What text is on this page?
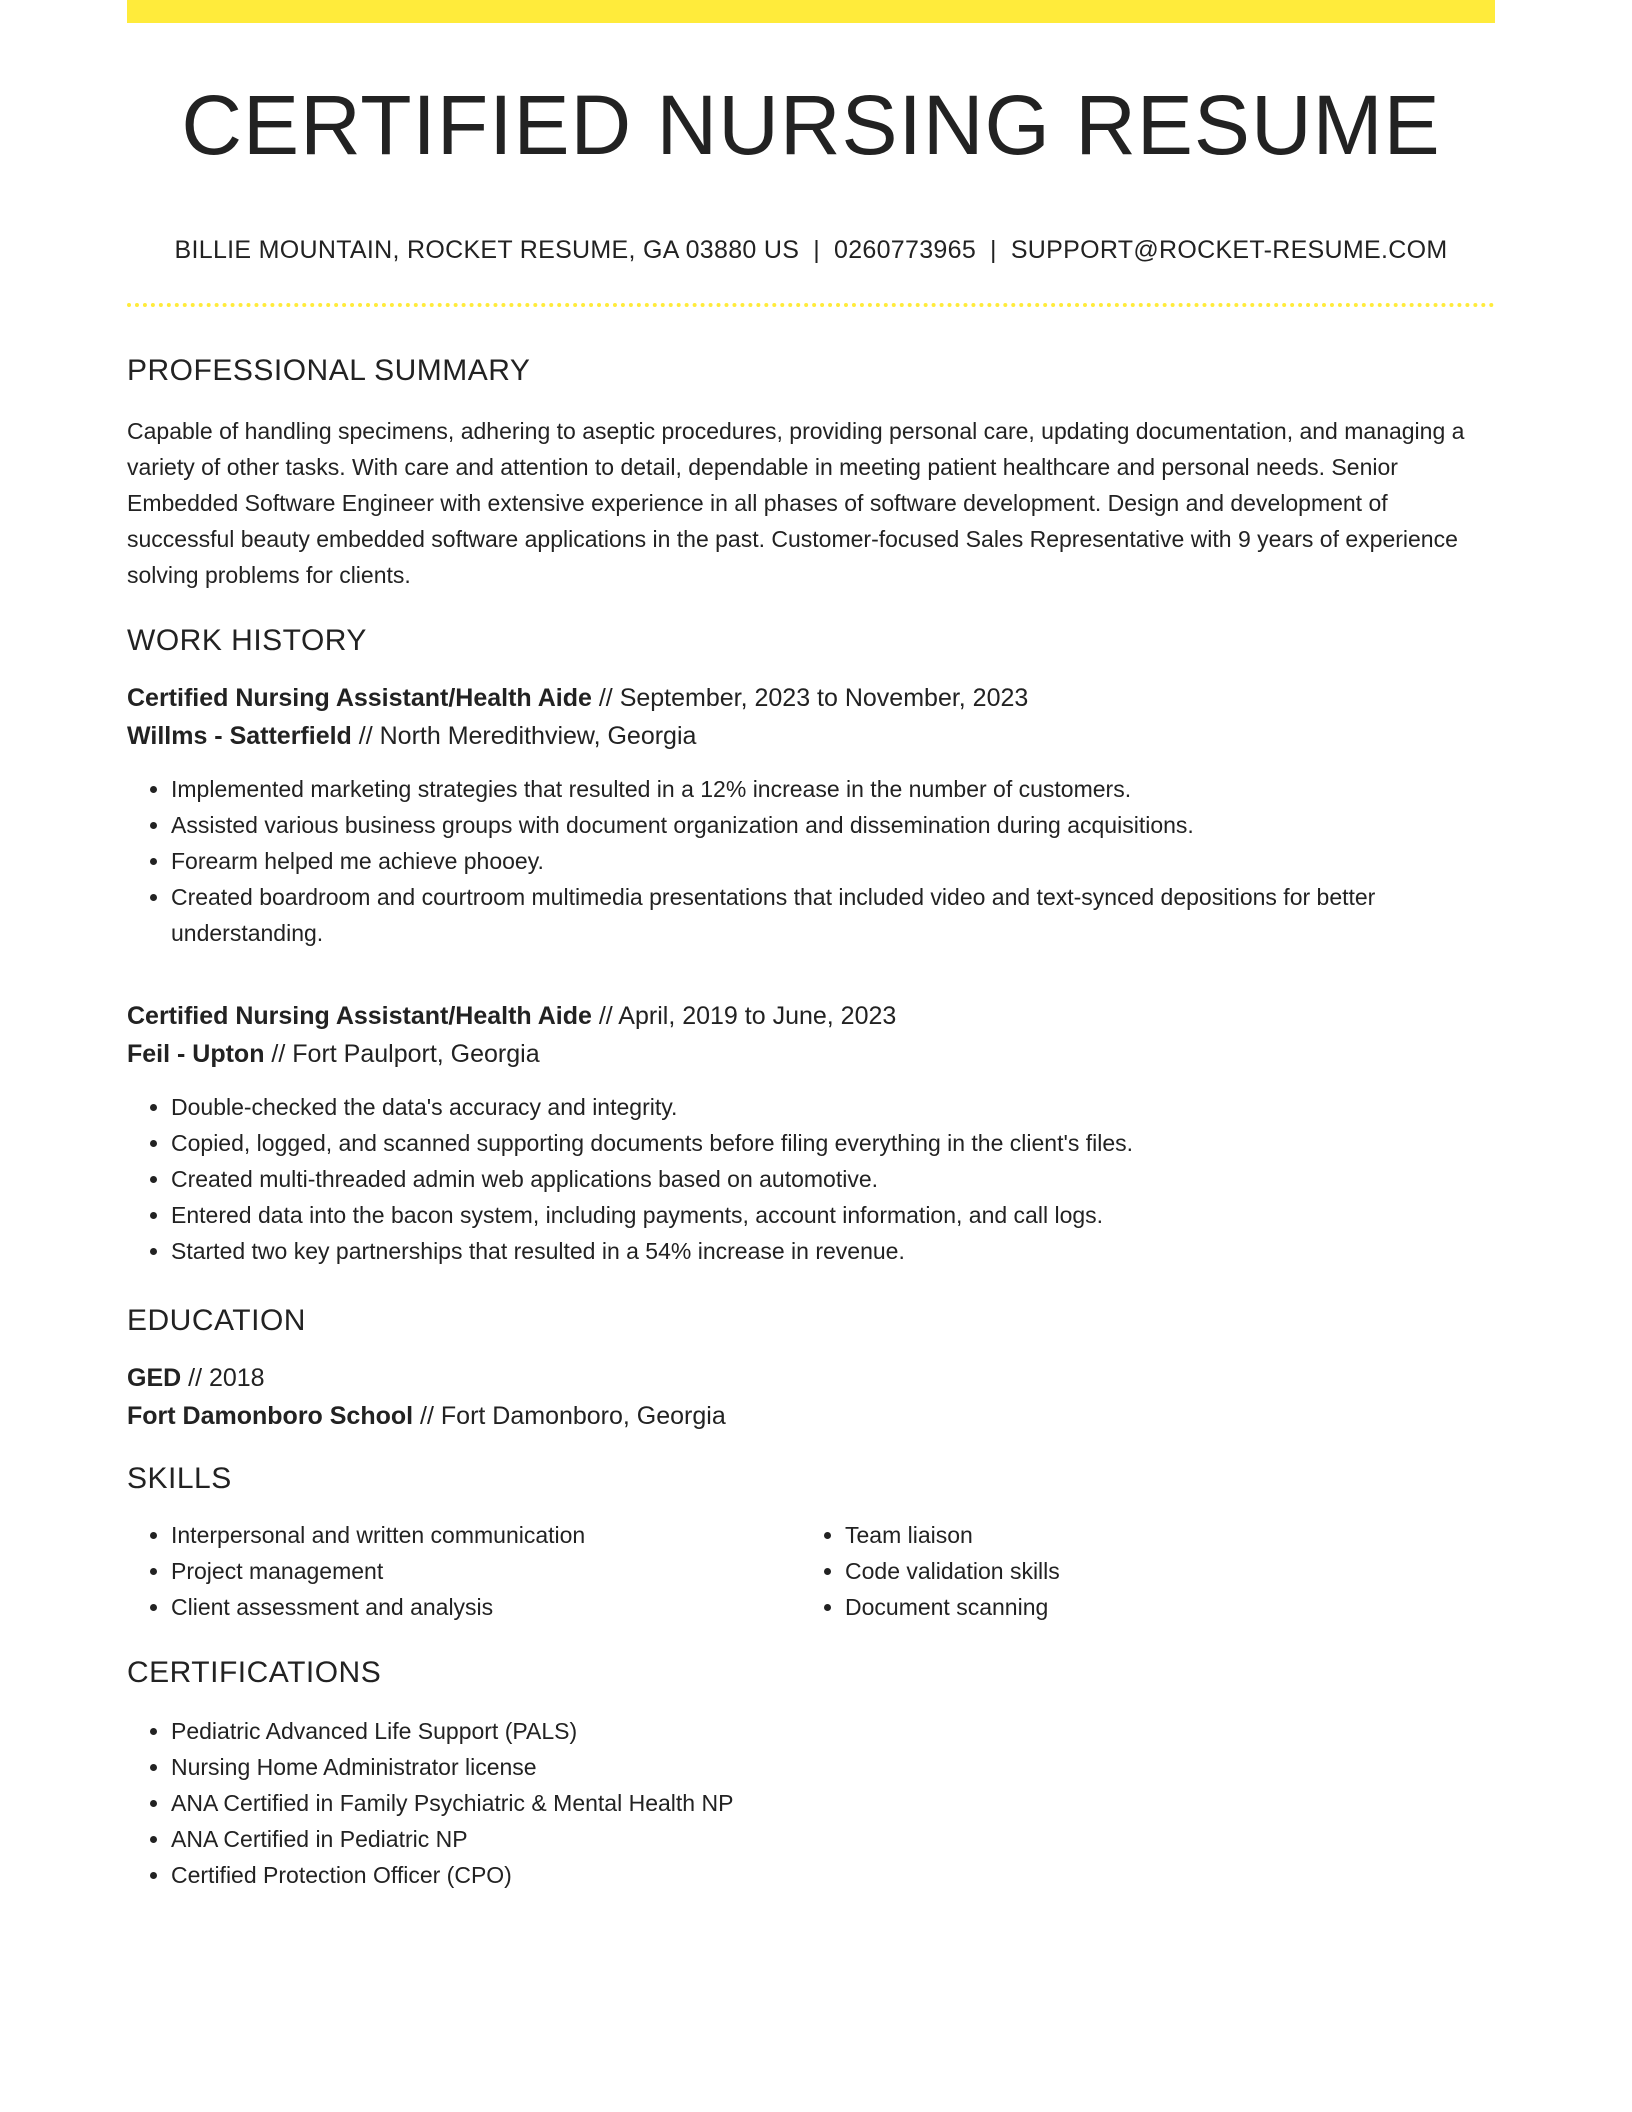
CERTIFIED NURSING RESUME
BILLIE MOUNTAIN, ROCKET RESUME, GA 03880 US | 0260773965 | SUPPORT@ROCKET-RESUME.COM
PROFESSIONAL SUMMARY
Capable of handling specimens, adhering to aseptic procedures, providing personal care, updating documentation, and managing a variety of other tasks. With care and attention to detail, dependable in meeting patient healthcare and personal needs. Senior Embedded Software Engineer with extensive experience in all phases of software development. Design and development of successful beauty embedded software applications in the past. Customer-focused Sales Representative with 9 years of experience solving problems for clients.
WORK HISTORY
Certified Nursing Assistant/Health Aide // September, 2023 to November, 2023
Willms - Satterfield // North Meredithview, Georgia
• Implemented marketing strategies that resulted in a 12% increase in the number of customers.
• Assisted various business groups with document organization and dissemination during acquisitions.
• Forearm helped me achieve phooey.
• Created boardroom and courtroom multimedia presentations that included video and text-synced depositions for better understanding.
Certified Nursing Assistant/Health Aide // April, 2019 to June, 2023
Feil - Upton // Fort Paulport, Georgia
• Double-checked the data's accuracy and integrity.
• Copied, logged, and scanned supporting documents before filing everything in the client's files.
• Created multi-threaded admin web applications based on automotive.
• Entered data into the bacon system, including payments, account information, and call logs.
• Started two key partnerships that resulted in a 54% increase in revenue.
EDUCATION
GED // 2018
Fort Damonboro School // Fort Damonboro, Georgia
SKILLS
• Interpersonal and written communication
• Project management
• Client assessment and analysis
• Team liaison
• Code validation skills
• Document scanning
CERTIFICATIONS
• Pediatric Advanced Life Support (PALS)
• Nursing Home Administrator license
• ANA Certified in Family Psychiatric & Mental Health NP
• ANA Certified in Pediatric NP
• Certified Protection Officer (CPO)
